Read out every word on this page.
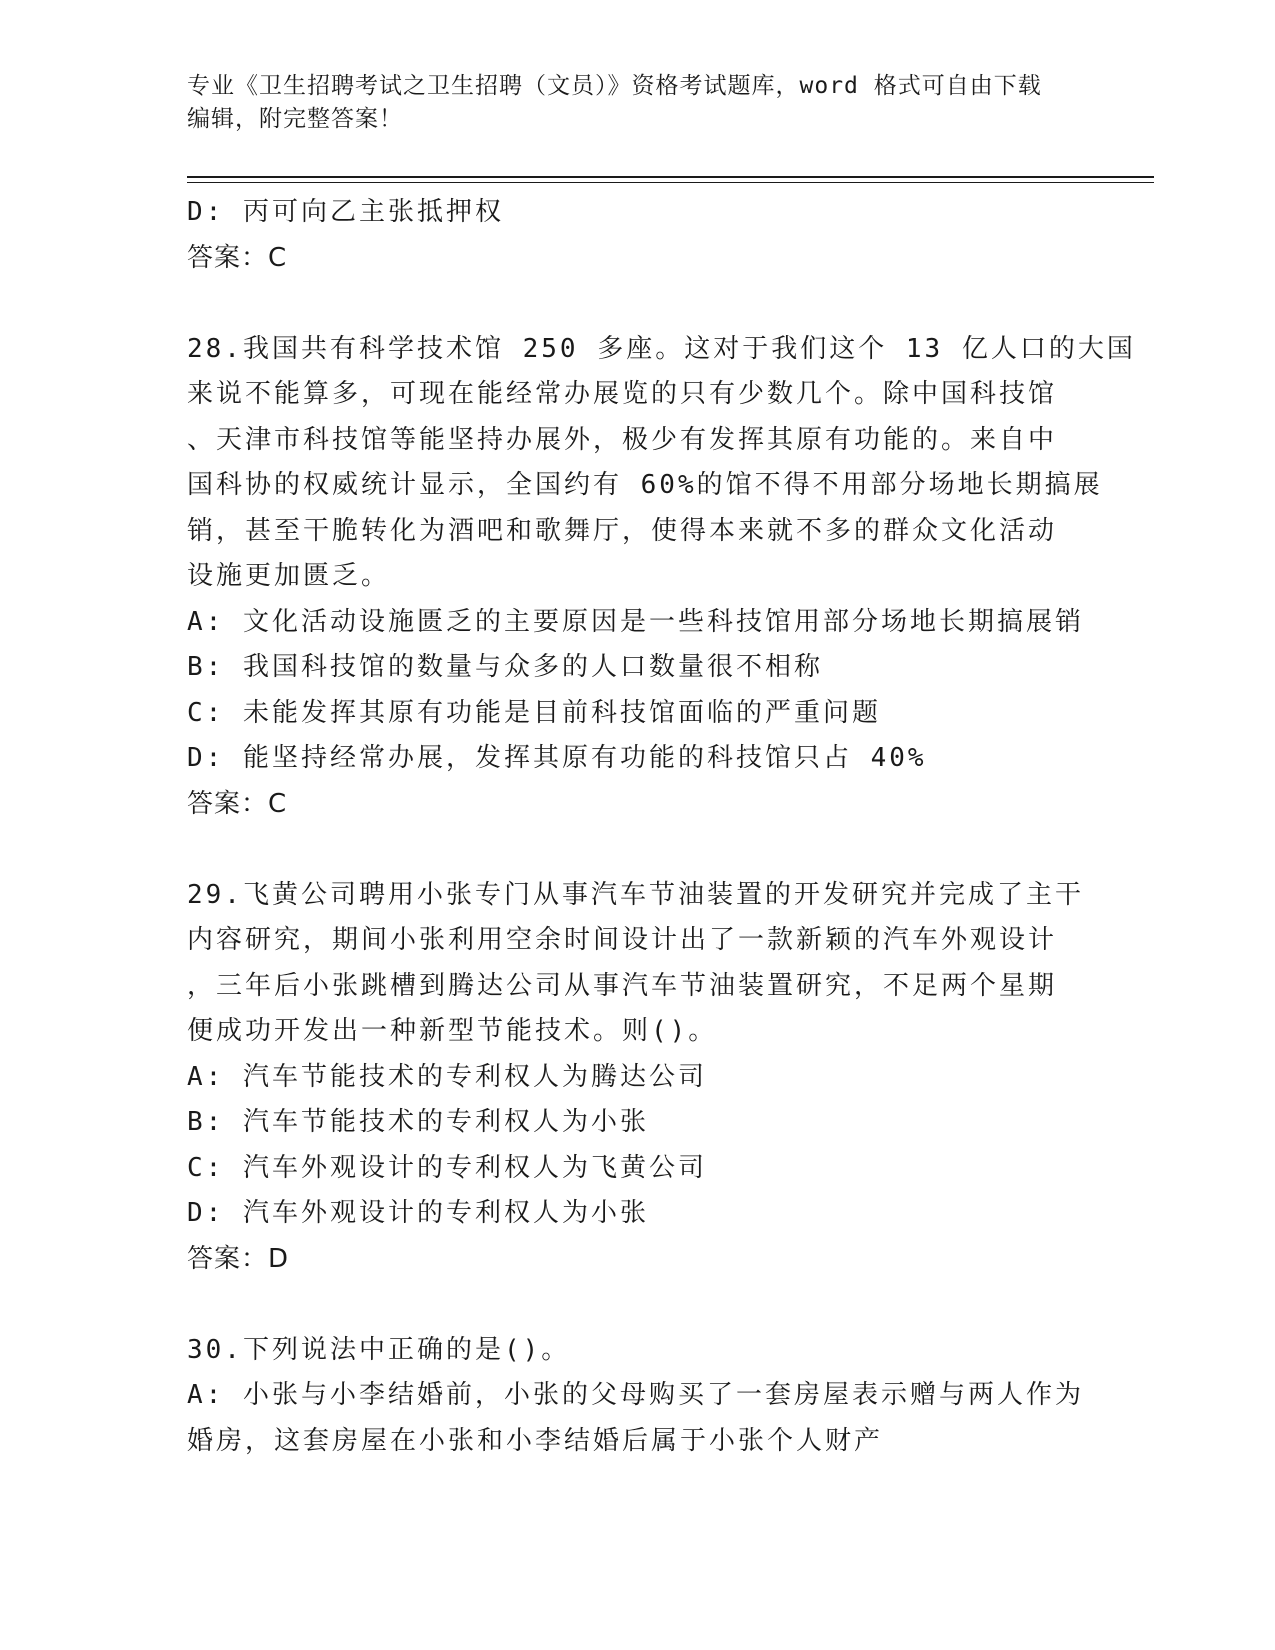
专业《卫生招聘考试之卫生招聘（文员）》资格考试题库，word 格式可自由下载
编辑，附完整答案！
D: 丙可向乙主张抵押权
答案：C
28.我国共有科学技术馆 250 多座。这对于我们这个 13 亿人口的大国
来说不能算多，可现在能经常办展览的只有少数几个。除中国科技馆
、天津市科技馆等能坚持办展外，极少有发挥其原有功能的。来自中
国科协的权威统计显示，全国约有 60%的馆不得不用部分场地长期搞展
销，甚至干脆转化为酒吧和歌舞厅，使得本来就不多的群众文化活动
设施更加匮乏。
A: 文化活动设施匮乏的主要原因是一些科技馆用部分场地长期搞展销
B: 我国科技馆的数量与众多的人口数量很不相称
C: 未能发挥其原有功能是目前科技馆面临的严重问题
D: 能坚持经常办展，发挥其原有功能的科技馆只占 40%
答案：C
29.飞黄公司聘用小张专门从事汽车节油装置的开发研究并完成了主干
内容研究，期间小张利用空余时间设计出了一款新颖的汽车外观设计
，三年后小张跳槽到腾达公司从事汽车节油装置研究，不足两个星期
便成功开发出一种新型节能技术。则()。
A: 汽车节能技术的专利权人为腾达公司
B: 汽车节能技术的专利权人为小张
C: 汽车外观设计的专利权人为飞黄公司
D: 汽车外观设计的专利权人为小张
答案：D
30.下列说法中正确的是()。
A: 小张与小李结婚前，小张的父母购买了一套房屋表示赠与两人作为
婚房，这套房屋在小张和小李结婚后属于小张个人财产
